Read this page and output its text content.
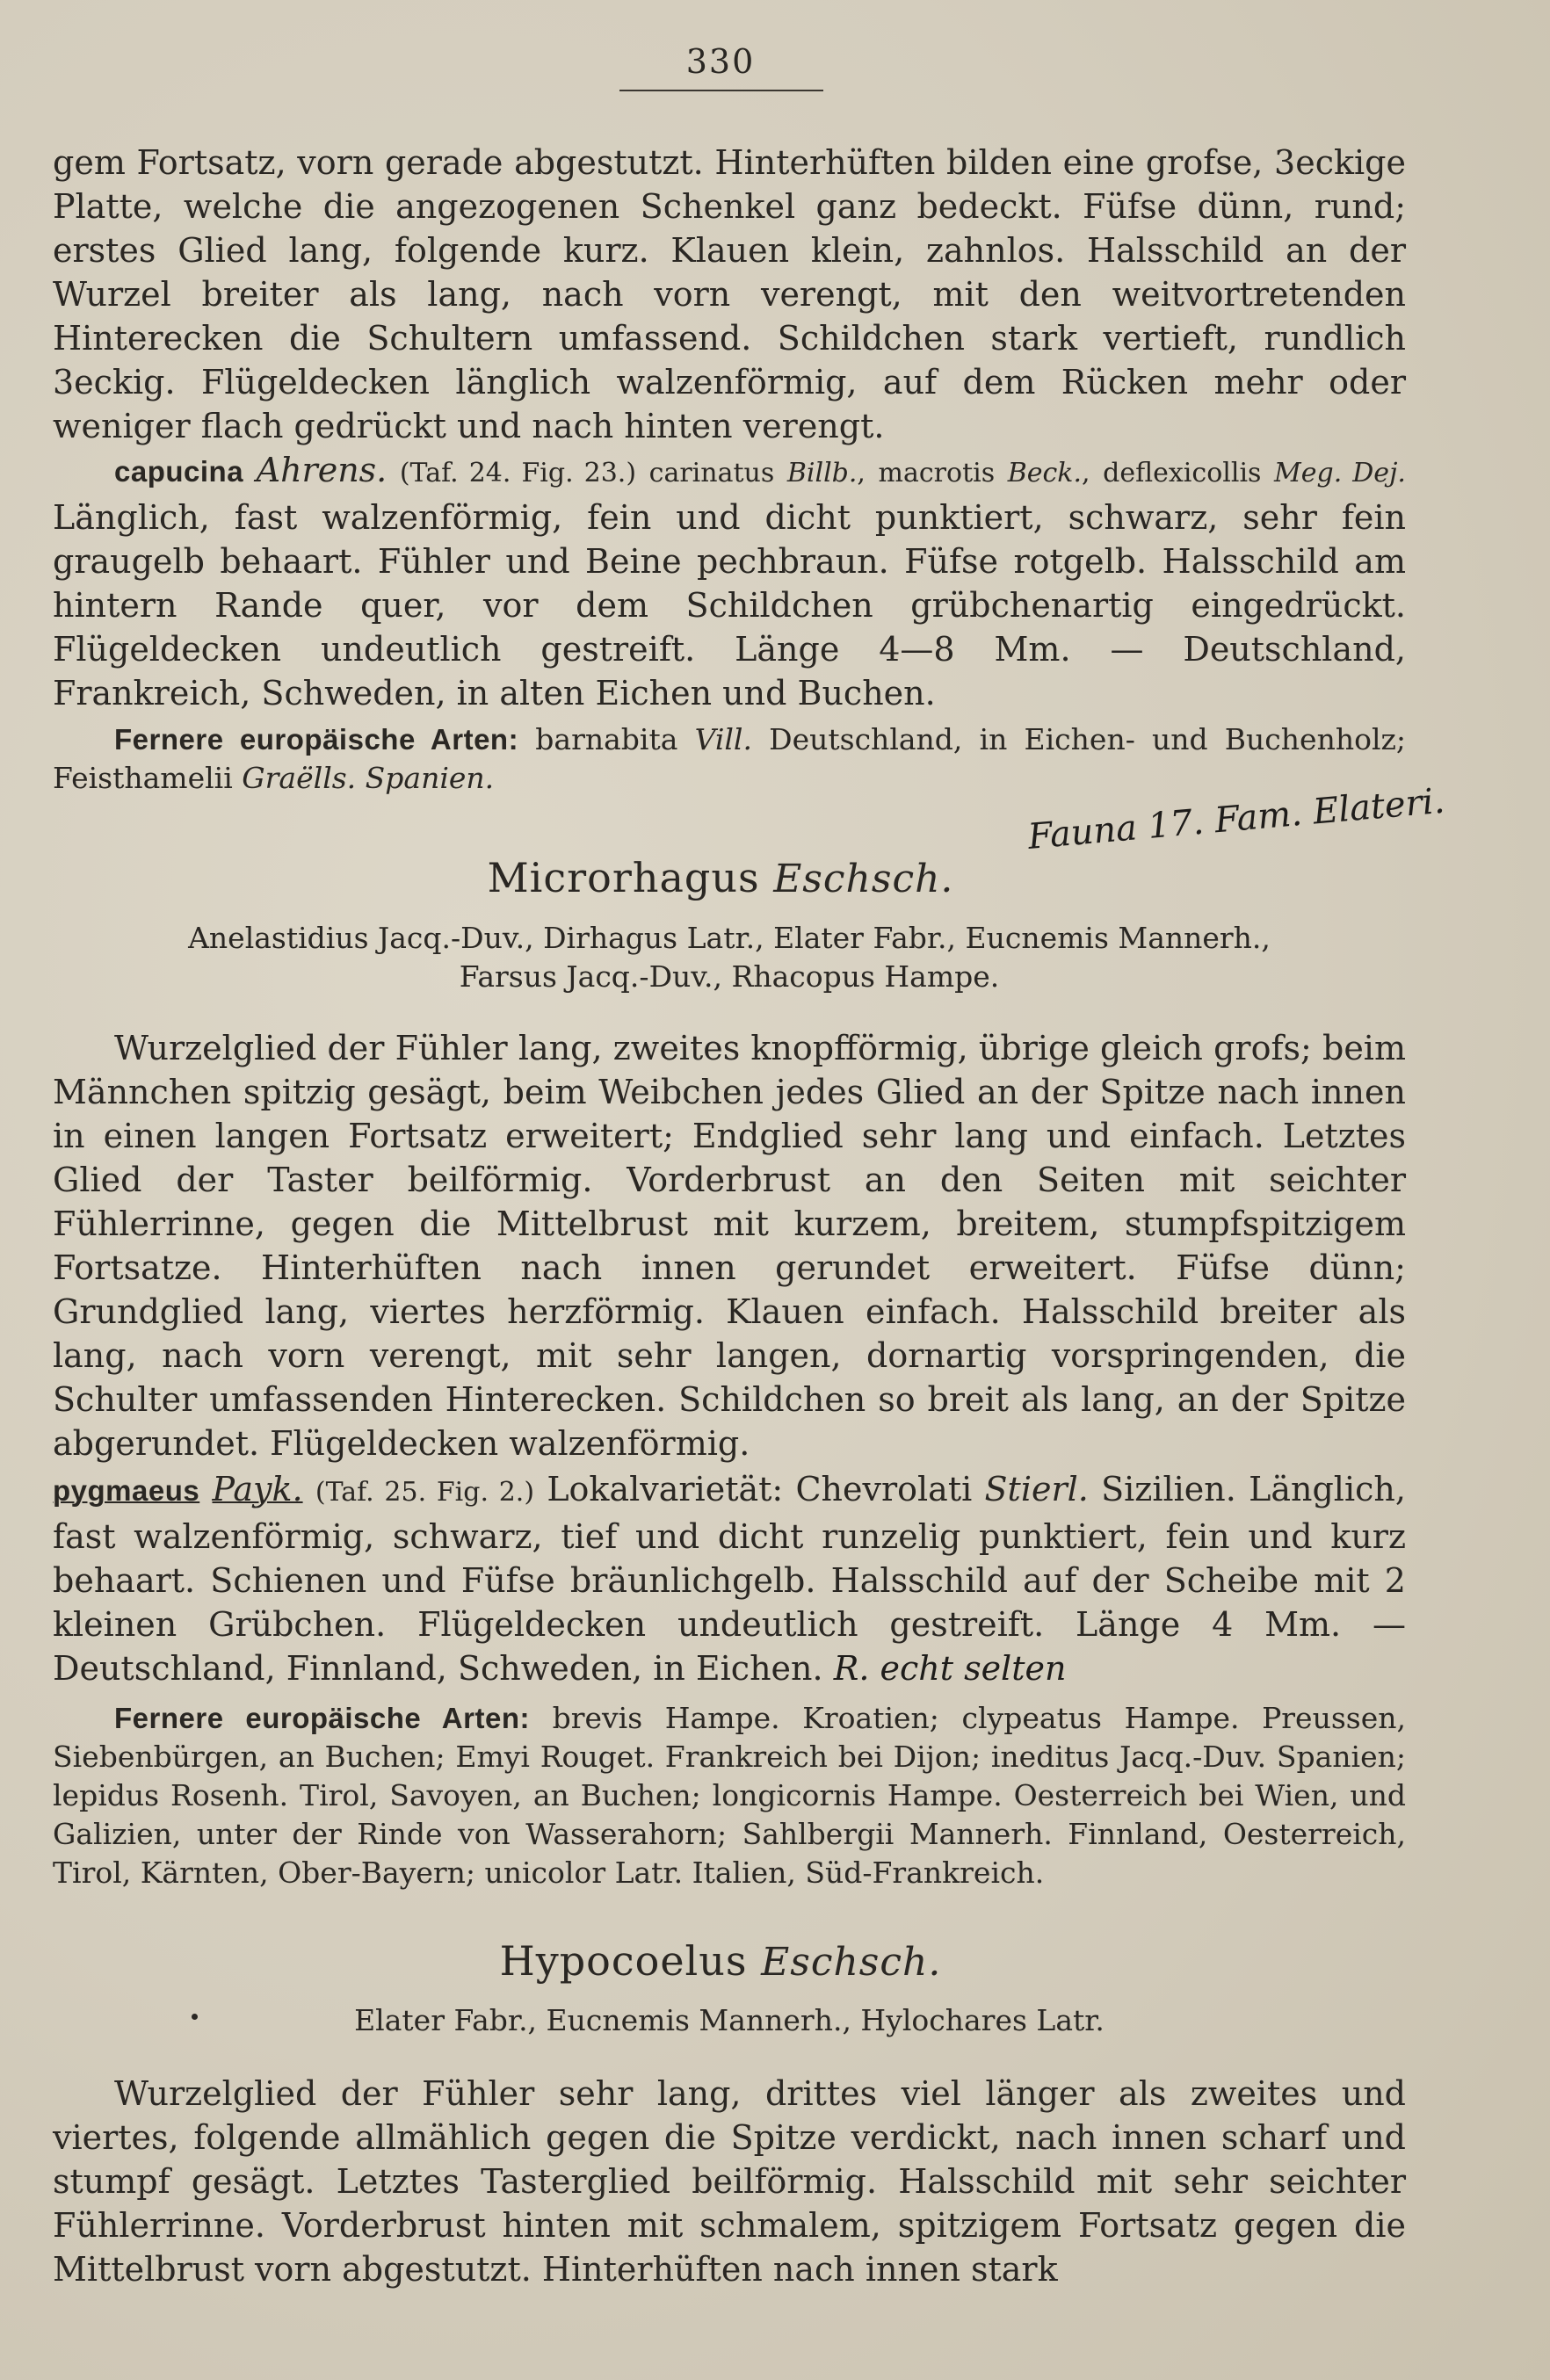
330

gem Fortsatz, vorn gerade abgestutzt. Hinterhüften bilden eine grofse, 3eckige Platte, welche die angezogenen Schenkel ganz bedeckt. Füfse dünn, rund; erstes Glied lang, folgende kurz. Klauen klein, zahnlos. Halsschild an der Wurzel breiter als lang, nach vorn verengt, mit den weitvortretenden Hinterecken die Schultern umfassend. Schildchen stark vertieft, rundlich 3eckig. Flügeldecken länglich walzenförmig, auf dem Rücken mehr oder weniger flach gedrückt und nach hinten verengt.

capucina Ahrens. (Taf. 24. Fig. 23.) carinatus Billb., macrotis Beck., deflexicollis Meg. Dej. Länglich, fast walzenförmig, fein und dicht punktiert, schwarz, sehr fein graugelb behaart. Fühler und Beine pechbraun. Füfse rotgelb. Halsschild am hintern Rande quer, vor dem Schildchen grübchenartig eingedrückt. Flügeldecken undeutlich gestreift. Länge 4—8 Mm. — Deutschland, Frankreich, Schweden, in alten Eichen und Buchen.

Fernere europäische Arten: barnabita Vill. Deutschland, in Eichen- und Buchenholz; Feisthamelii Graëlls. Spanien.

Fauna 17. Fam. Elateri.
Microrhagus Eschsch.
Anelastidius Jacq.-Duv., Dirhagus Latr., Elater Fabr., Eucnemis Mannerh.,
Farsus Jacq.-Duv., Rhacopus Hampe.

Wurzelglied der Fühler lang, zweites knopfförmig, übrige gleich grofs; beim Männchen spitzig gesägt, beim Weibchen jedes Glied an der Spitze nach innen in einen langen Fortsatz erweitert; Endglied sehr lang und einfach. Letztes Glied der Taster beilförmig. Vorderbrust an den Seiten mit seichter Fühlerrinne, gegen die Mittelbrust mit kurzem, breitem, stumpfspitzigem Fortsatze. Hinterhüften nach innen gerundet erweitert. Füfse dünn; Grundglied lang, viertes herzförmig. Klauen einfach. Halsschild breiter als lang, nach vorn verengt, mit sehr langen, dornartig vorspringenden, die Schulter umfassenden Hinterecken. Schildchen so breit als lang, an der Spitze abgerundet. Flügeldecken walzenförmig.

pygmaeus Payk. (Taf. 25. Fig. 2.) Lokalvarietät: Chevrolati Stierl. Sizilien. Länglich, fast walzenförmig, schwarz, tief und dicht runzelig punktiert, fein und kurz behaart. Schienen und Füfse bräunlichgelb. Halsschild auf der Scheibe mit 2 kleinen Grübchen. Flügeldecken undeutlich gestreift. Länge 4 Mm. — Deutschland, Finnland, Schweden, in Eichen. R. echt selten

Fernere europäische Arten: brevis Hampe. Kroatien; clypeatus Hampe. Preussen, Siebenbürgen, an Buchen; Emyi Rouget. Frankreich bei Dijon; ineditus Jacq.-Duv. Spanien; lepidus Rosenh. Tirol, Savoyen, an Buchen; longicornis Hampe. Oesterreich bei Wien, und Galizien, unter der Rinde von Wasserahorn; Sahlbergii Mannerh. Finnland, Oesterreich, Tirol, Kärnten, Ober-Bayern; unicolor Latr. Italien, Süd-Frankreich.

Hypocoelus Eschsch.
Elater Fabr., Eucnemis Mannerh., Hylochares Latr.

Wurzelglied der Fühler sehr lang, drittes viel länger als zweites und viertes, folgende allmählich gegen die Spitze verdickt, nach innen scharf und stumpf gesägt. Letztes Tasterglied beilförmig. Halsschild mit sehr seichter Fühlerrinne. Vorderbrust hinten mit schmalem, spitzigem Fortsatz gegen die Mittelbrust vorn abgestutzt. Hinterhüften nach innen stark
